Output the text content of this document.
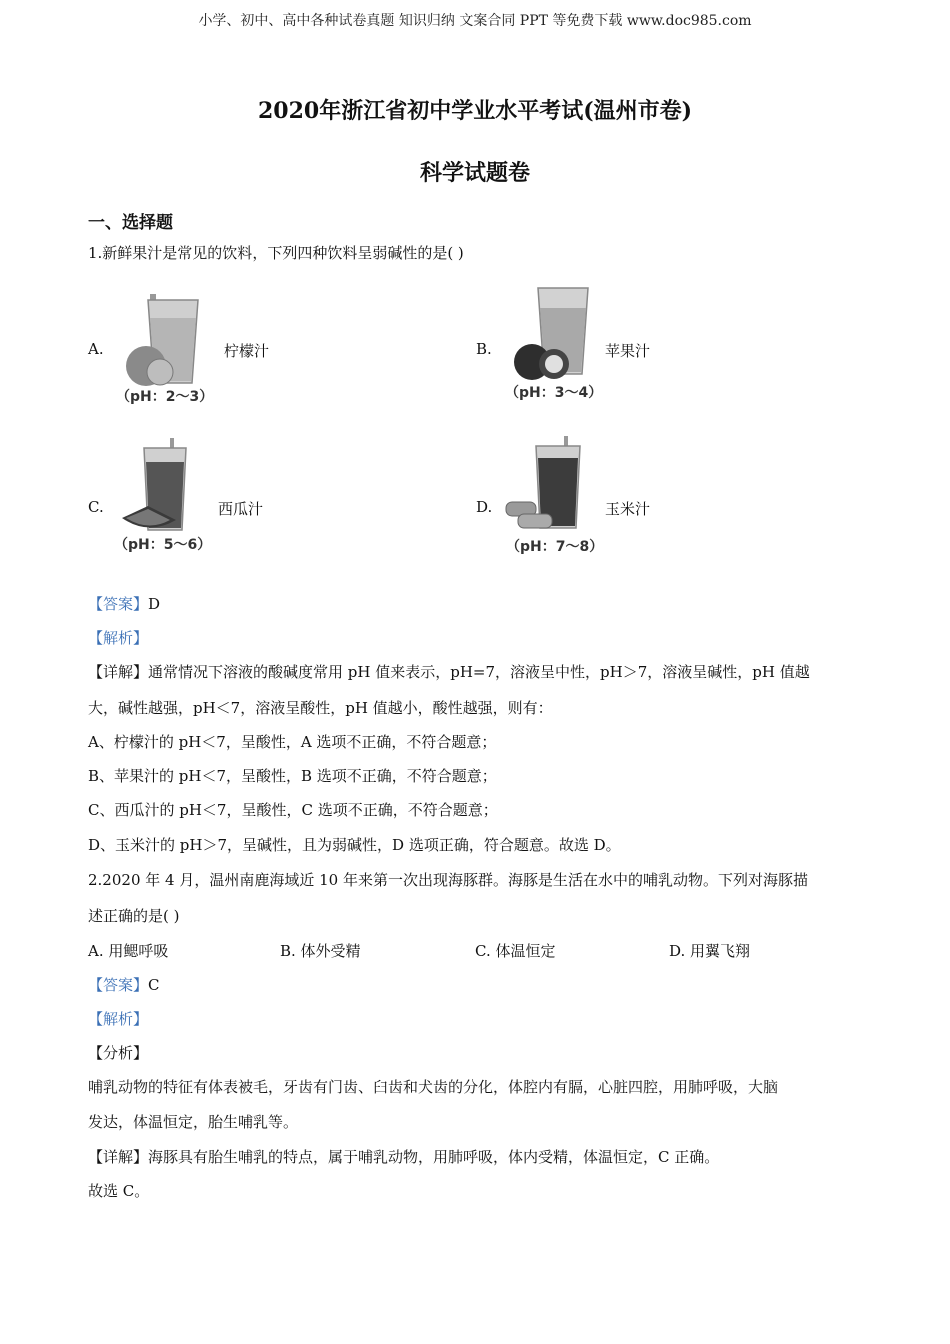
小学、初中、高中各种试卷真题 知识归纳 文案合同 PPT 等免费下载 www.doc985.com
2020年浙江省初中学业水平考试(温州市卷)
科学试题卷
一、选择题
1.新鲜果汁是常见的饮料，下列四种饮料呈弱碱性的是( )
A.
（pH：2～3）
柠檬汁	B.
（pH：3～4）
苹果汁
C.
（pH：5～6）
西瓜汁	D.
（pH：7～8）
玉米汁
【答案】D
【解析】
【详解】通常情况下溶液的酸碱度常用 pH 值来表示，pH=7，溶液呈中性，pH＞7，溶液呈碱性，pH 值越
大，碱性越强，pH＜7，溶液呈酸性，pH 值越小，酸性越强，则有：
A、柠檬汁的 pH＜7，呈酸性，A 选项不正确，不符合题意；
B、苹果汁的 pH＜7，呈酸性，B 选项不正确，不符合题意；
C、西瓜汁的 pH＜7，呈酸性，C 选项不正确，不符合题意；
D、玉米汁的 pH＞7，呈碱性，且为弱碱性，D 选项正确，符合题意。故选 D。
2.2020 年 4 月，温州南鹿海域近 10 年来第一次出现海豚群。海豚是生活在水中的哺乳动物。下列对海豚描
述正确的是( )
A. 用鳃呼吸	B. 体外受精	C. 体温恒定	D. 用翼飞翔
【答案】C
【解析】
【分析】
哺乳动物的特征有体表被毛，牙齿有门齿、臼齿和犬齿的分化，体腔内有膈，心脏四腔，用肺呼吸，大脑
发达，体温恒定，胎生哺乳等。
【详解】海豚具有胎生哺乳的特点，属于哺乳动物，用肺呼吸，体内受精，体温恒定，C 正确。
故选 C。
